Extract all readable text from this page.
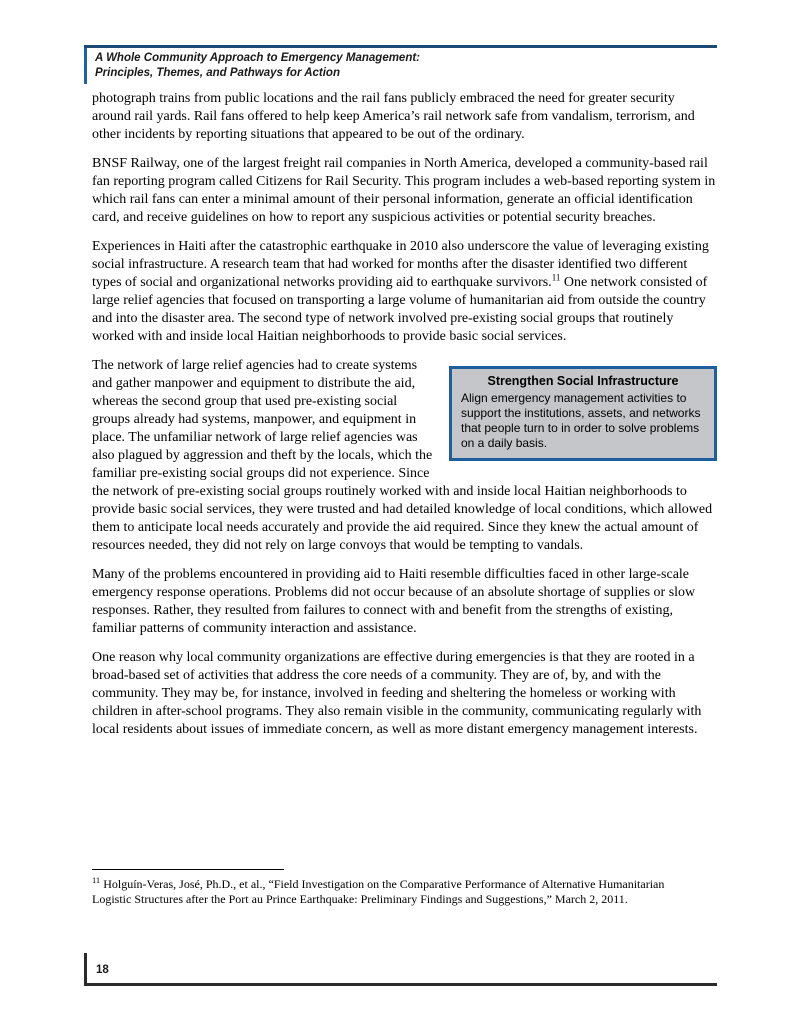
A Whole Community Approach to Emergency Management:
Principles, Themes, and Pathways for Action

photograph trains from public locations and the rail fans publicly embraced the need for greater security around rail yards. Rail fans offered to help keep America’s rail network safe from vandalism, terrorism, and other incidents by reporting situations that appeared to be out of the ordinary.

BNSF Railway, one of the largest freight rail companies in North America, developed a community-based rail fan reporting program called Citizens for Rail Security. This program includes a web-based reporting system in which rail fans can enter a minimal amount of their personal information, generate an official identification card, and receive guidelines on how to report any suspicious activities or potential security breaches.

Experiences in Haiti after the catastrophic earthquake in 2010 also underscore the value of leveraging existing social infrastructure. A research team that had worked for months after the disaster identified two different types of social and organizational networks providing aid to earthquake survivors.$^{11}$ One network consisted of large relief agencies that focused on transporting a large volume of humanitarian aid from outside the country and into the disaster area. The second type of network involved pre-existing social groups that routinely worked with and inside local Haitian neighborhoods to provide basic social services.

Strengthen Social Infrastructure
Align emergency management activities to support the institutions, assets, and networks that people turn to in order to solve problems on a daily basis.
The network of large relief agencies had to create systems and gather manpower and equipment to distribute the aid, whereas the second group that used pre-existing social groups already had systems, manpower, and equipment in place. The unfamiliar network of large relief agencies was also plagued by aggression and theft by the locals, which the familiar pre-existing social groups did not experience. Since the network of pre-existing social groups routinely worked with and inside local Haitian neighborhoods to provide basic social services, they were trusted and had detailed knowledge of local conditions, which allowed them to anticipate local needs accurately and provide the aid required. Since they knew the actual amount of resources needed, they did not rely on large convoys that would be tempting to vandals.

Many of the problems encountered in providing aid to Haiti resemble difficulties faced in other large-scale emergency response operations. Problems did not occur because of an absolute shortage of supplies or slow responses. Rather, they resulted from failures to connect with and benefit from the strengths of existing, familiar patterns of community interaction and assistance.

One reason why local community organizations are effective during emergencies is that they are rooted in a broad-based set of activities that address the core needs of a community. They are of, by, and with the community. They may be, for instance, involved in feeding and sheltering the homeless or working with children in after-school programs. They also remain visible in the community, communicating regularly with local residents about issues of immediate concern, as well as more distant emergency management interests.

$^{11}$ Holguín-Veras, José, Ph.D., et al., “Field Investigation on the Comparative Performance of Alternative Humanitarian Logistic Structures after the Port au Prince Earthquake: Preliminary Findings and Suggestions,” March 2, 2011.

18
